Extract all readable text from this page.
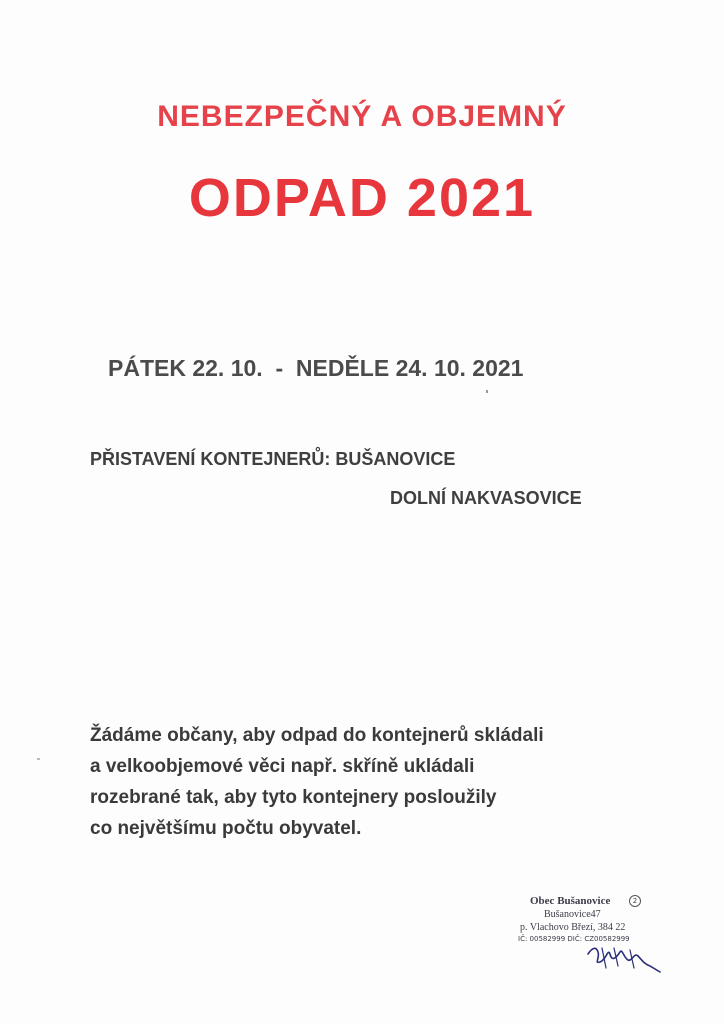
NEBEZPEČNÝ A OBJEMNÝ
ODPAD 2021
PÁTEK 22. 10.  -  NEDĚLE 24. 10. 2021
PŘISTAVENÍ KONTEJNERŮ: BUŠANOVICE
DOLNÍ NAKVASOVICE
Žádáme občany, aby odpad do kontejnerů skládali
a velkoobjemové věci např. skříně ukládali
rozebrané tak, aby tyto kontejnery posloužily
co největšímu počtu obyvatel.
Obec Bušanovice	2
Bušanovice47
p. Vlachovo Březí, 384 22
IČ: 00582999 DIČ: CZ00582999
